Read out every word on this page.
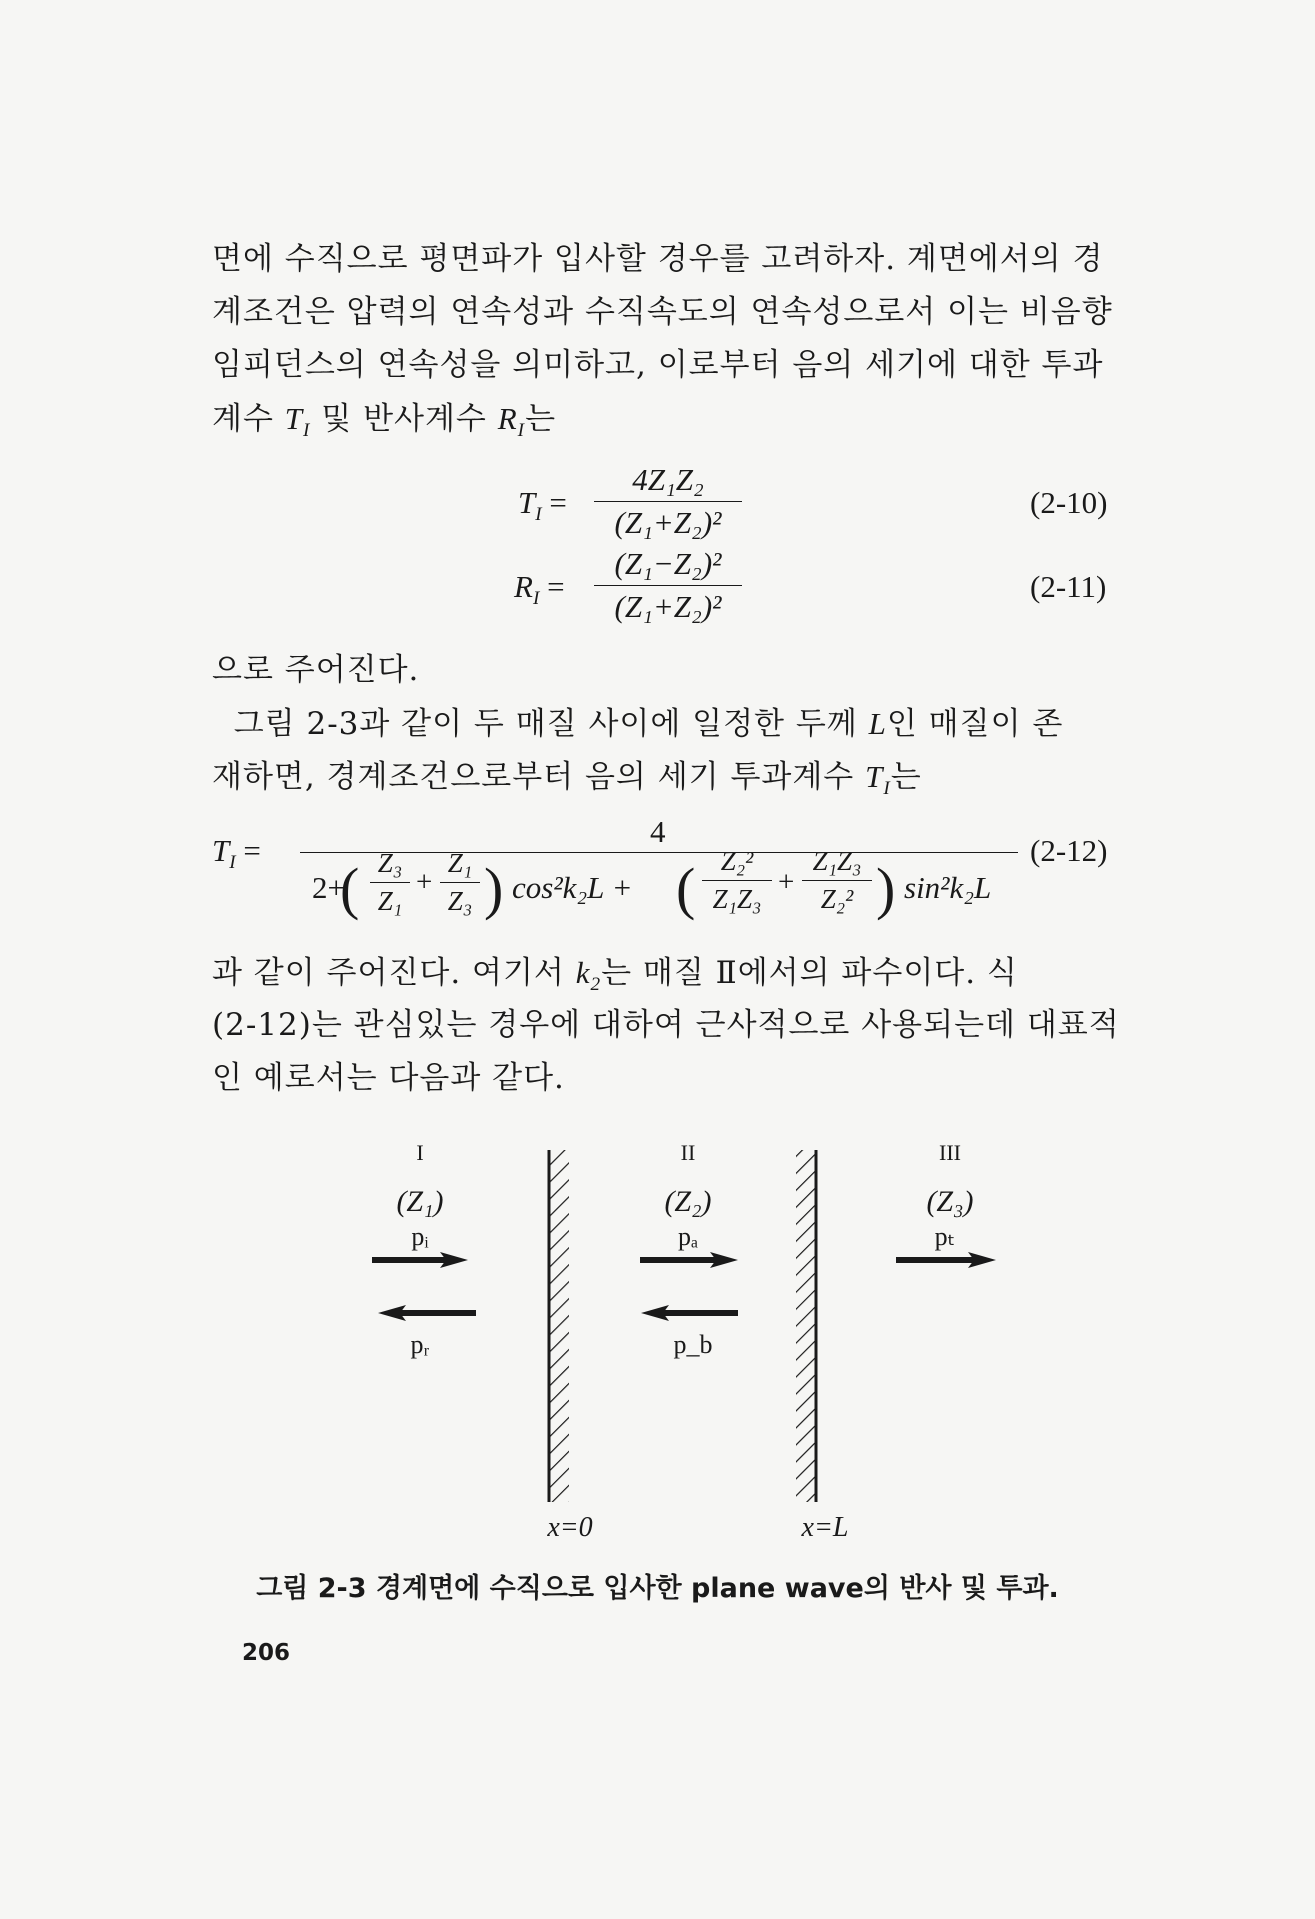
면에 수직으로 평면파가 입사할 경우를 고려하자. 계면에서의 경
계조건은 압력의 연속성과 수직속도의 연속성으로서 이는 비음향
임피던스의 연속성을 의미하고, 이로부터 음의 세기에 대한 투과
계수 $T_I$ 및 반사계수 $R_I$는
$T_I$ =
4Z₁Z₂
(Z₁+Z₂)²
(2-10)
$R_I$ =
(Z₁−Z₂)²
(Z₁+Z₂)²
(2-11)
으로 주어진다.
그림 2-3과 같이 두 매질 사이에 일정한 두께 L인 매질이 존
재하면, 경계조건으로부터 음의 세기 투과계수 $T_I$는
$T_I$ =
4
(2-12)
2+
( Z₃
Z₁
+
Z₁
Z₃ ) cos²k₂L + ( Z₂²
Z₁Z₃
+
Z₁Z₃
Z₂² ) sin²k₂L
과 같이 주어진다. 여기서 $k_2$는 매질 Ⅱ에서의 파수이다. 식
(2-12)는 관심있는 경우에 대하여 근사적으로 사용되는데 대표적
인 예로서는 다음과 같다.
I
(Z₁)
pᵢ
pᵣ
II
(Z₂)
pₐ
p_b
III
(Z₃)
pₜ
x=0	x=L
그림 2-3 경계면에 수직으로 입사한 plane wave의 반사 및 투과.
206
